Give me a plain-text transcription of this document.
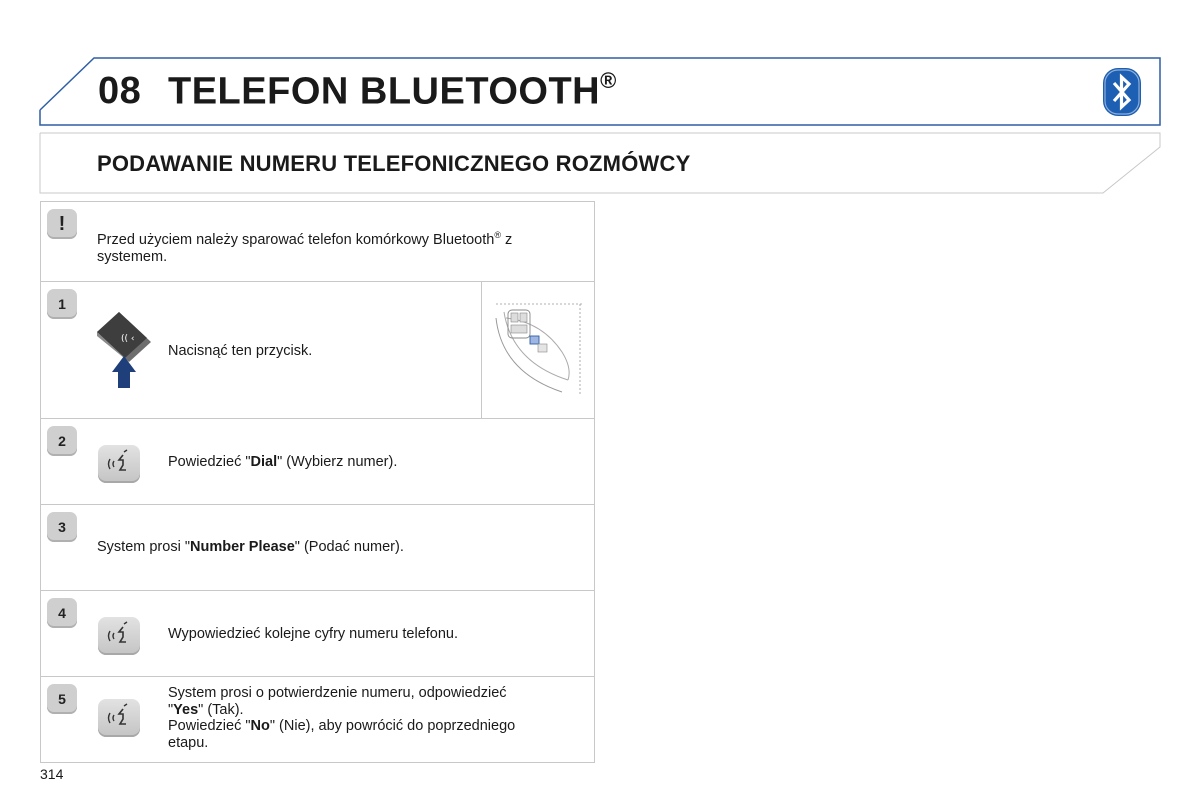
08 TELEFON BLUETOOTH®
PODAWANIE NUMERU TELEFONICZNEGO ROZMÓWCY
!
Przed użyciem należy sparować telefon komórkowy Bluetooth® z
systemem.
1
(( ‹
Nacisnąć ten przycisk.
2
Powiedzieć "Dial" (Wybierz numer).
3
System prosi "Number Please" (Podać numer).
4
Wypowiedzieć kolejne cyfry numeru telefonu.
5	System prosi o potwierdzenie numeru, odpowiedzieć
"Yes" (Tak).
Powiedzieć "No" (Nie), aby powrócić do poprzedniego
etapu.
314
